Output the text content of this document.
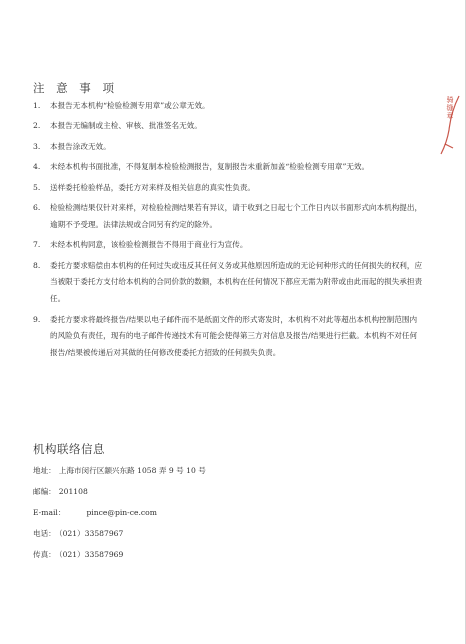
注 意 事 项
1. 本报告无本机构“检验检测专用章”或公章无效。
2. 本报告无编制或主检、审核、批准签名无效。
3. 本报告涂改无效。
4. 未经本机构书面批准，不得复制本检验检测报告，复制报告未重新加盖“检验检测专用章”无效。
5. 送样委托检验样品，委托方对来样及相关信息的真实性负责。
6. 检验检测结果仅针对来样，对检验检测结果若有异议，请于收到之日起七个工作日内以书面形式向本机构提出，逾期不予受理。法律法规或合同另有约定的除外。
7. 未经本机构同意，该检验检测报告不得用于商业行为宣传。
8. 委托方要求赔偿由本机构的任何过失或违反其任何义务或其他原因所造成的无论何种形式的任何损失的权利，应当被限于委托方支付给本机构的合同价款的数额，本机构在任何情况下都应无需为附带或由此而起的损失承担责任。
9. 委托方要求将最终报告/结果以电子邮件而不是纸面文件的形式寄发时，本机构不对此等超出本机构控制范围内的风险负有责任，现有的电子邮件传递技术有可能会使得第三方对信息及报告/结果进行拦截。本机构不对任何报告/结果被传递后对其做的任何修改使委托方招致的任何损失负责。
机构联络信息
地址： 上海市闵行区颛兴东路 1058 弄 9 号 10 号
邮编： 201108
E-mail：	pince@pin-ce.com
电话： （021）33587967
传真： （021）33587969
骑缝章
